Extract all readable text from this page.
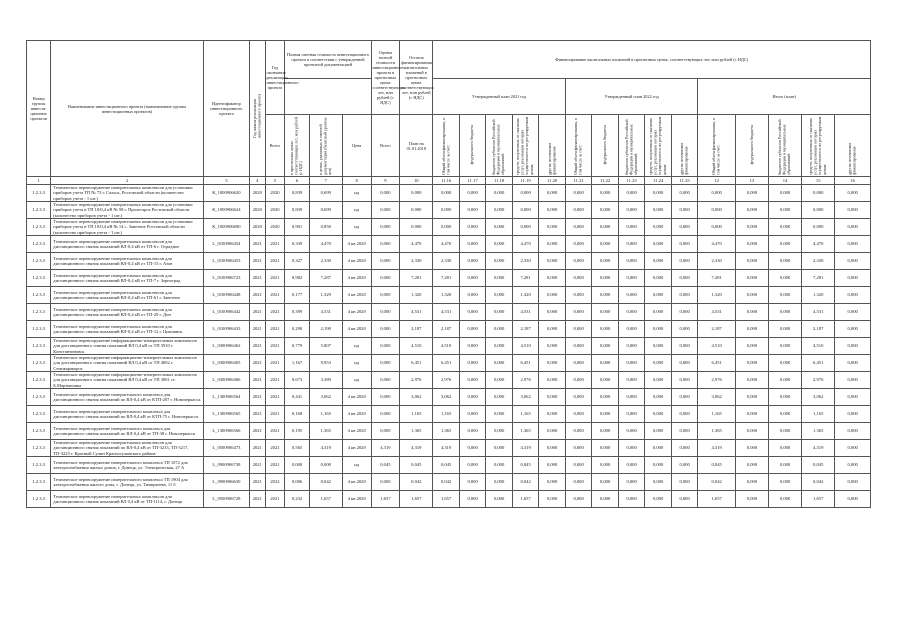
Номер группы инвести-ционных проектов	Наименование инвестиционного проекта (наименование группы инвестиционных проектов)	Идентификатор инвестиционного проекта	Год начала реализации инвестиционного проекта	Год окончания реализации инвестиционного проекта	Полная сметная стоимость инвестиционного проекта в соответствии с утвержденной проектной документацией			Оценка полной стоимости инвестиционного проекта в прогнозных ценах соответствующих лет, млн рублей (с НДС)	Остаток финансирования капитальных вложений в прогнозных ценах соответствующих лет, млн рублей (с НДС)	Финансирование капитальных вложений в прогнозных ценах, соответствующих лет, млн рублей (с НДС)														
										Утвержденный план 2021 год					Утвержденный план 2022 год					Итого (план)				
				Всего	в прогнозных ценах соответствующих лет, млн рублей (с НДС)	в ценах, указанных в сметной документации (базисный уровень цен)	Цена	Всего	План на 01.01.2018	Общий объем финансирования, в том числе за счет:	федерального бюджета	бюджетов субъектов Российской Федерации и муниципальных образований	средств, полученных от оказания услуг, реализация которых осуществляется по регулируемым ценам	других источников финансирования	Общий объем финансирования, в том числе за счет:	федерального бюджета	бюджетов субъектов Российской Федерации и муниципальных образований	средств, полученных от оказания услуг, реализация которых осуществляется по регулируемым ценам	других источников финансирования	Общий объем финансирования, в том числе за счет:	федерального бюджета	бюджетов субъектов Российской Федерации и муниципальных образований	средств, полученных от оказания услуг, реализация которых осуществляется по регулируемым ценам	других источников финансирования
1	2	3	4	5	6	7	8	9	10	11.16	11.17	11.18	11.19	11.20	11.21	11.22	11.23	11.24	11.25	12	13	14	15	16
1.2.3.3	Техническое перевооружение измерительных комплексов для установки приборов учета ТП № 73 г. Сальск, Ростовской области (количество приборов учета - 1 шт.)	К_1000906620	2020	2020	0,839	0,699	нд	0,000	0,000	0,000	0,000	0,000	0,000	0,000	0,000	0,000	0,000	0,000	0,000	0,000	0,000	0,000	0,000	0,000
1.2.3.3	Техническое перевооружение измерительных комплексов для установки приборов учета в ТП 10/0,4 кВ № 58 г. Пролетарск Ростовской области (количество приборов учета - 1 шт.)	К_1000906624	2020	2020	0,839	0,699	нд	0,000	0,000	0,000	0,000	0,000	0,000	0,000	0,000	0,000	0,000	0,000	0,000	0,000	0,000	0,000	0,000	0,000
1.2.3.3	Техническое перевооружение измерительных комплексов для установки приборов учета в ТП 10/0,4 кВ № 14 с. Заветное Ростовской области (количество приборов учета - 1 шт.)	К_1000906690	2020	2020	0,901	0,850	нд	0,000	0,000	0,000	0,000	0,000	0,000	0,000	0,000	0,000	0,000	0,000	0,000	0,000	0,000	0,000	0,000	0,000
1.2.3.3	Техническое перевооружение измерительных комплексов для дистанционного снятия показаний ВЛ-0,4 кВ от ТП-6 г. Отрадное	L_0100906454	2021	2021	0,339	4,470	4 кв 2020	0,000	4,470	4,470	0,000	0,000	4,470	0,000	0,000	0,000	0,000	0,000	0,000	4,470	0,000	0,000	4,470	0,000
1.2.3.3	Техническое перевооружение измерительных комплексов для дистанционного снятия показаний ВЛ-0,4 кВ от ТП-15 г. Азов	L_0100906453	2021	2021	0,327	2,330	4 кв 2020	0,000	2,330	2,330	0,000	0,000	2,330	0,000	0,000	0,000	0,000	0,000	0,000	2,330	0,000	0,000	2,330	0,000
1.2.3.3	Техническое перевооружение измерительных комплексов для дистанционного снятия показаний ВЛ-0,4 кВ от ТП-7 г. Зерноград	L_0100906723	2021	2021	0,982	7,287	4 кв 2020	0,000	7,281	7,281	0,000	0,000	7,281	0,000	0,000	0,000	0,000	0,000	0,000	7,281	0,000	0,000	7,281	0,000
1.2.3.3	Техническое перевооружение измерительных комплексов для дистанционного снятия показаний ВЛ-0,4 кВ от ТП-61 г. Заветное	L_0100906448	2021	2021	0,177	1,329	4 кв 2020	0,000	1,320	1,320	0,000	0,000	1,320	0,000	0,000	0,000	0,000	0,000	0,000	1,320	0,000	0,000	1,320	0,000
1.2.3.3	Техническое перевооружение измерительных комплексов для дистанционного снятия показаний ВЛ-0,4 кВ от ТП-29 г. Дон	L_0100906442	2021	2021	0,399	4,531	4 кв 2020	0,000	4,531	4,531	0,000	0,000	4,531	0,000	0,000	0,000	0,000	0,000	0,000	4,531	0,000	0,000	4,531	0,000
1.2.3.3	Техническое перевооружение измерительных комплексов для дистанционного снятия показаний ВЛ-0,4 кВ от ТП-12 г. Цимлянск	L_0100906433	2021	2021	0,290	2,190	4 кв 2020	0,000	2,187	2,187	0,000	0,000	2,187	0,000	0,000	0,000	0,000	0,000	0,000	2,187	0,000	0,000	2,187	0,000
1.2.3.3	Техническое перевооружение информационно-измерительных комплексов для дистанционного снятия показаний ВЛ 0,4 кВ от ТП 3910 г. Константиновск	L_0300906462	2021	2021	0,779	5,807	нд	0,000	4,510	4,510	0,000	0,000	4,510	0,000	0,000	0,000	0,000	0,000	0,000	4,510	0,000	0,000	4,510	0,000
1.2.3.3	Техническое перевооружение информационно-измерительных комплексов для дистанционного снятия показаний ВЛ 0,4 кВ от ТП 4002 г. Семикаракорск	L_0300906465	2021	2021	1,167	9,953	нд	0,000	6,451	6,451	0,000	0,000	6,451	0,000	0,000	0,000	0,000	0,000	0,000	6,451	0,000	0,000	6,451	0,000
1.2.3.3	Техническое перевооружение информационно-измерительных комплексов для дистанционного снятия показаний ВЛ 0,4 кВ от ТП 3001 ст. Б.Мартыновка	L_0300906466	2021	2021	0,673	3,389	нд	0,000	2,976	2,976	0,000	0,000	2,976	0,000	0,000	0,000	0,000	0,000	0,000	2,976	0,000	0,000	2,976	0,000
1.2.3.3	Техническое перевооружение измерительного комплекса для дистанционного снятия показаний по ВЛ-0,4 кВ от КТП-207 г. Новочеркасск	L_1300906564	2021	2021	0,441	3,062	4 кв 2020	0,000	3,062	3,062	0,000	0,000	3,062	0,000	0,000	0,000	0,000	0,000	0,000	3,062	0,000	0,000	3,062	0,000
1.2.3.3	Техническое перевооружение измерительного комплекса для дистанционного снятия показаний по ВЛ-0,4 кВ от КТП-75 г. Новочеркасск	L_1300906565	2021	2021	0,168	1,165	4 кв 2020	0,000	1,165	1,165	0,000	0,000	1,165	0,000	0,000	0,000	0,000	0,000	0,000	1,165	0,000	0,000	1,165	0,000
1.2.3.3	Техническое перевооружение измерительного комплекса для дистанционного снятия показаний по ВЛ-0,4 кВ от ТП-38 г. Новочеркасск	L_1300906566	2021	2021	0,195	1,365	4 кв 2020	0,000	1,365	1,365	0,000	0,000	1,365	0,000	0,000	0,000	0,000	0,000	0,000	1,365	0,000	0,000	1,365	0,000
1.2.3.3	Техническое перевооружение измерительных комплексов для дистанционного снятия показаний по ВЛ-0,4 кВ от ТП-3213, ТП-3217, ТП-3223 г. Красный Сулин Красносулинского района	L_0500906473	2021	2021	0,565	4,319	4 кв 2020	4,319	4,319	4,319	0,000	0,000	4,319	0,000	0,000	0,000	0,000	0,000	0,000	4,319	0,000	0,000	4,319	0,000
1.2.3.3	Техническое перевооружение измерительного комплекса ТП 1072 для электроснабжения жилых домов, г. Донецк, ул. Электрическая, 27 А	L_0900906738	2021	2021	0,000	0,000	нд	0,045	0,045	0,045	0,000	0,000	0,045	0,000	0,000	0,000	0,000	0,000	0,000	0,045	0,000	0,000	0,045	0,000
1.2.3.3	Техническое перевооружение измерительного комплекса ТП 1904 для электроснабжения жилого дома, г. Донецк, ул. Тимирязева, 11 б	L_0900906630	2021	2022	0,006	0,042	4 кв 2020	0,000	0,042	0,042	0,000	0,000	0,042	0,000	0,000	0,000	0,000	0,000	0,000	0,042	0,000	0,000	0,042	0,000
1.2.3.3	Техническое перевооружение измерительных комплексов для дистанционного снятия показаний ВЛ 0,4 кВ от ТП-1114, г. Донецк	L_0500906728	2021	2021	0,232	1,657	4 кв 2020	1,657	1,657	1,657	0,000	0,000	1,657	0,000	0,000	0,000	0,000	0,000	0,000	1,657	0,000	0,000	1,657	0,000
